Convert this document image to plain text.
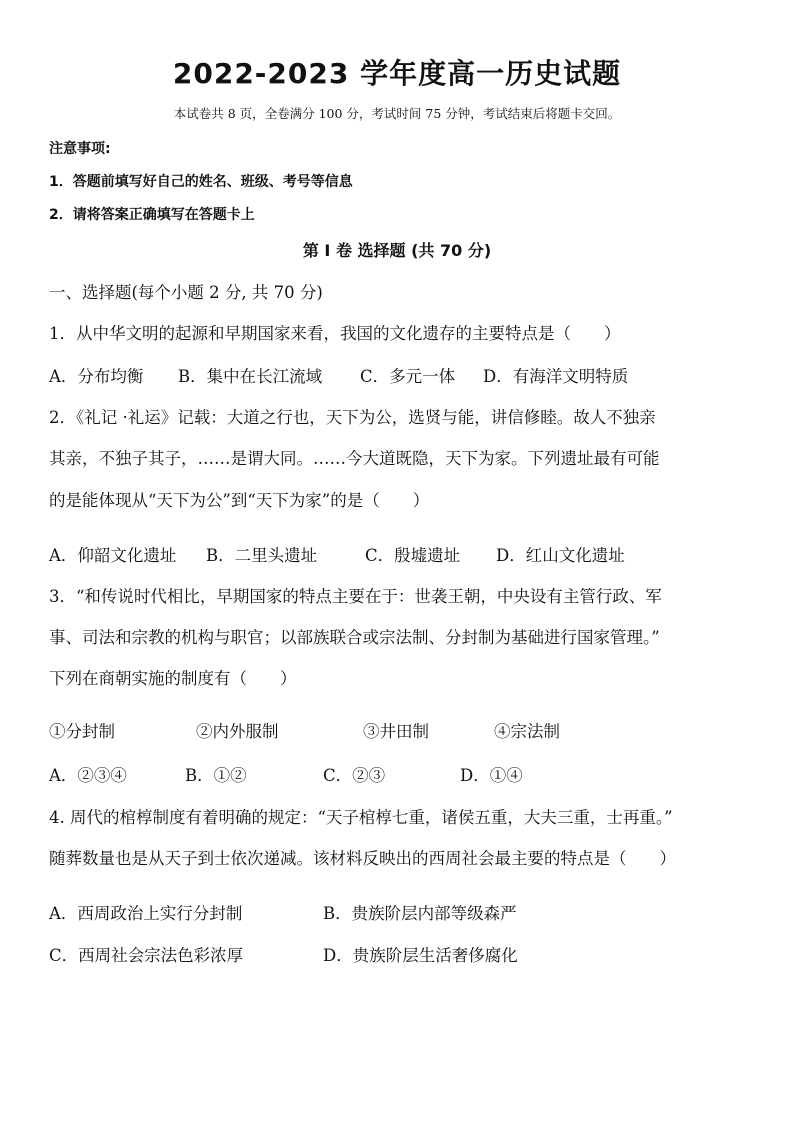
2022-2023 学年度高一历史试题
本试卷共 8 页，全卷满分 100 分，考试时间 75 分钟，考试结束后将题卡交回。
注意事项:
1．答题前填写好自己的姓名、班级、考号等信息
2．请将答案正确填写在答题卡上
第 I 卷 选择题 (共 70 分)
一、选择题(每个小题 2 分, 共 70 分)
1．从中华文明的起源和早期国家来看，我国的文化遗存的主要特点是（　　）
A．分布均衡 B．集中在长江流域 C．多元一体 D．有海洋文明特质
2．《礼记 ·礼运》记载：大道之行也，天下为公，选贤与能，讲信修睦。故人不独亲
其亲，不独子其子，……是谓大同。……今大道既隐，天下为家。下列遗址最有可能
的是能体现从“天下为公”到“天下为家”的是（　　）
A．仰韶文化遗址 B．二里头遗址	C．殷墟遗址 D．红山文化遗址
3．“和传说时代相比，早期国家的特点主要在于：世袭王朝，中央设有主管行政、军
事、司法和宗教的机构与职官；以部族联合或宗法制、分封制为基础进行国家管理。”
下列在商朝实施的制度有（　　）
①分封制	②内外服制	③井田制	④宗法制
A．②③④	B．①②	C．②③	D．①④
4. 周代的棺椁制度有着明确的规定：“天子棺椁七重，诸侯五重，大夫三重，士再重。”
随葬数量也是从天子到士依次递减。该材料反映出的西周社会最主要的特点是（　　）
A．西周政治上实行分封制	B．贵族阶层内部等级森严
C．西周社会宗法色彩浓厚	D．贵族阶层生活奢侈腐化
